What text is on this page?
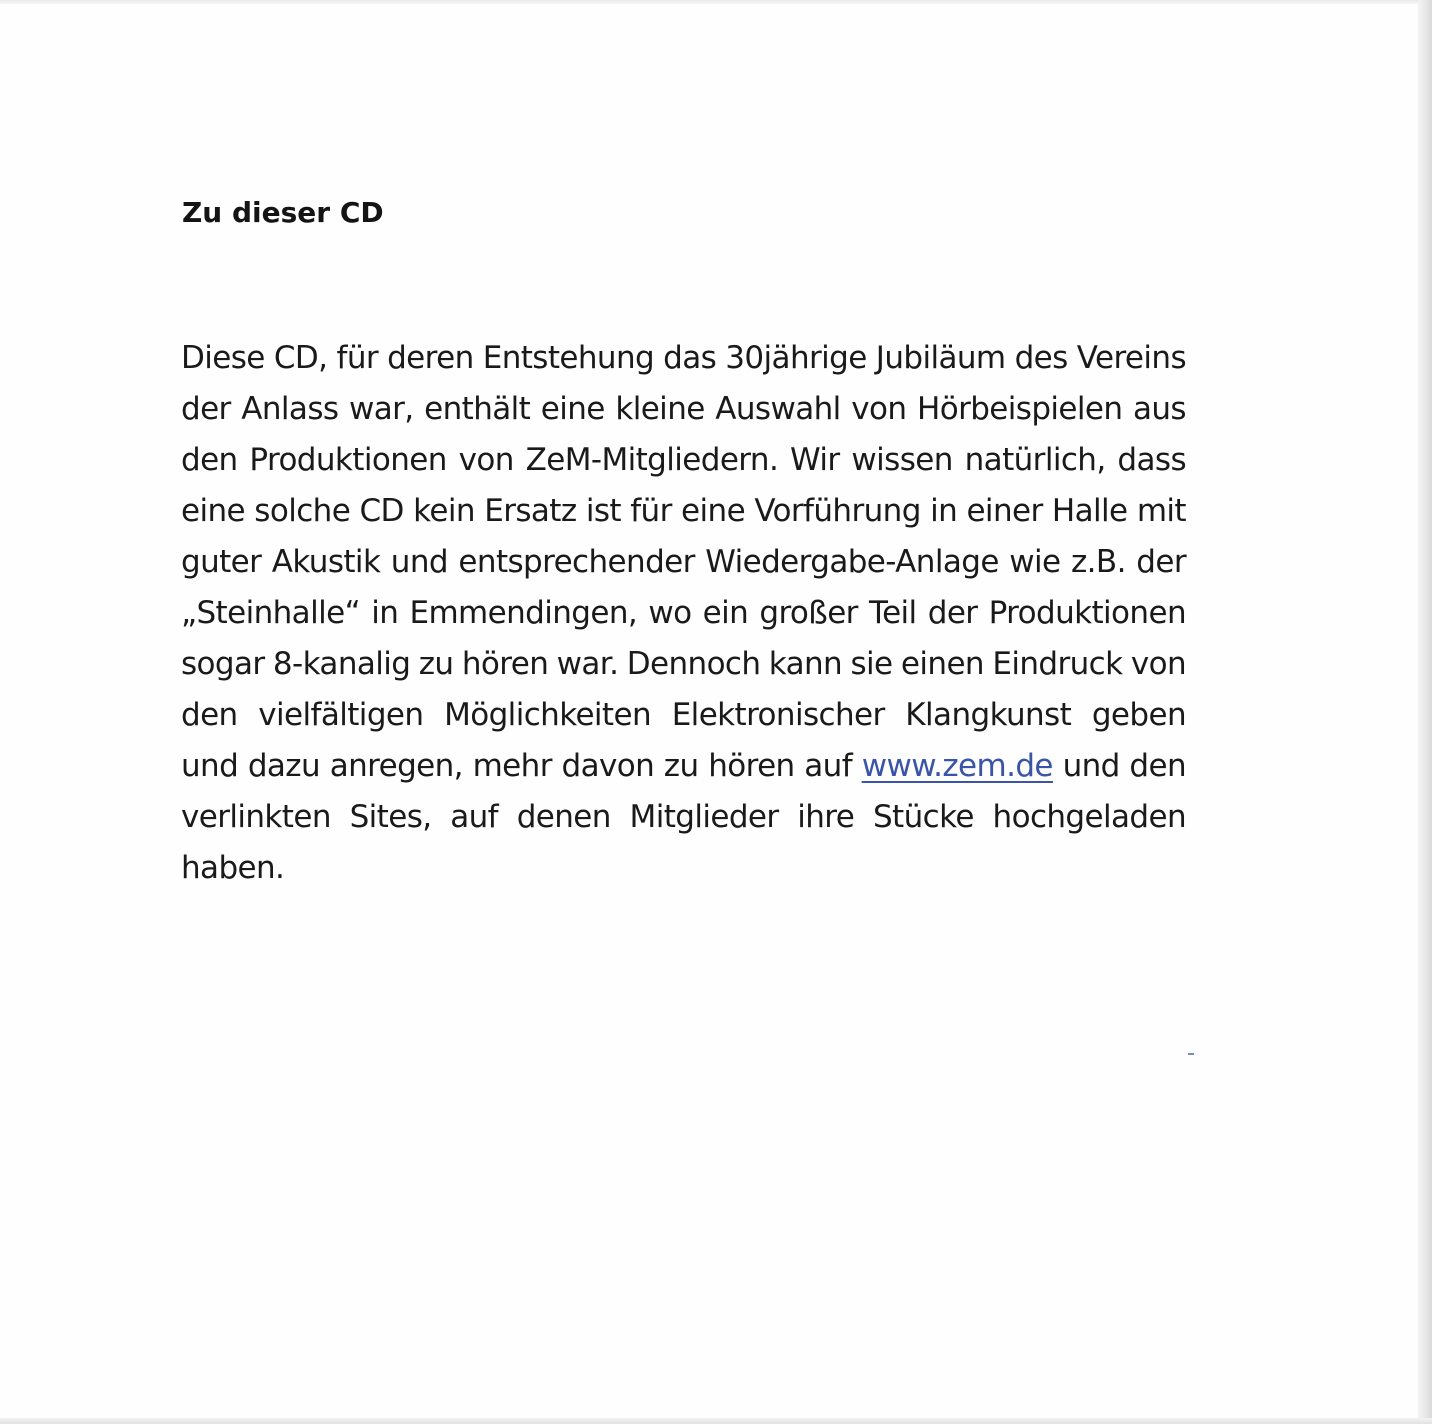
Zu dieser CD

Diese CD, für deren Entstehung das 30jährige Jubiläum des Vereins der Anlass war, enthält eine kleine Auswahl von Hörbeispielen aus den Produktionen von ZeM-Mitgliedern. Wir wissen natürlich, dass eine solche CD kein Ersatz ist für eine Vorführung in einer Halle mit guter Akustik und entsprechender Wiedergabe-Anlage wie z.B. der „Steinhalle“ in Emmendingen, wo ein großer Teil der Produktionen sogar 8-kanalig zu hören war. Dennoch kann sie einen Eindruck von den vielfältigen Möglichkeiten Elektronischer Klangkunst geben und dazu anregen, mehr davon zu hören auf www.zem.de und den verlinkten Sites, auf denen Mitglieder ihre Stücke hochgeladen haben.
